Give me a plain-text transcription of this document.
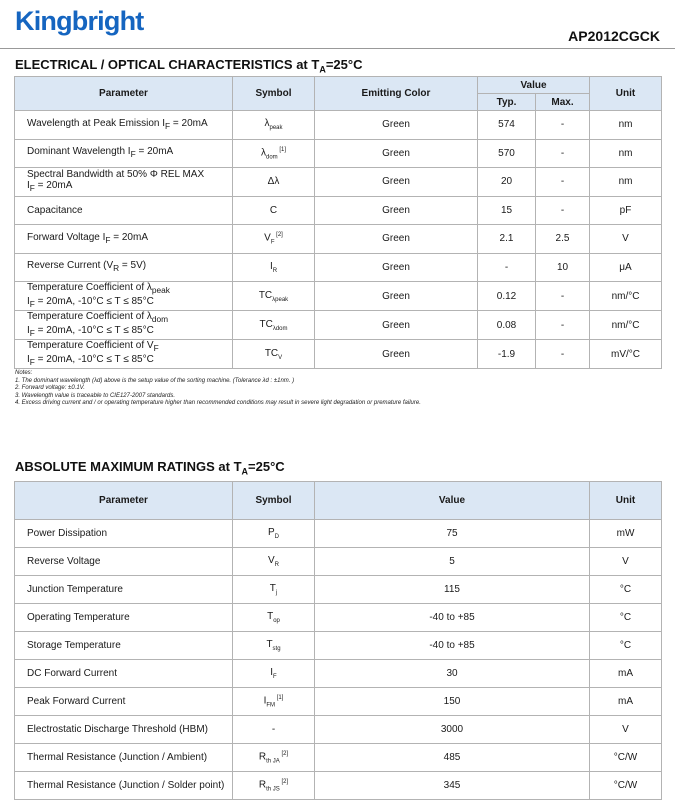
Kingbright	AP2012CGCK
ELECTRICAL / OPTICAL CHARACTERISTICS at $T_A=25^\circ C$
Parameter	Symbol	Emitting Color	Value		Unit
			Typ.	Max.	
Wavelength at Peak Emission $I_F = 20mA$	$\lambda_{peak}$	Green	574	-	nm
Dominant Wavelength $I_F = 20mA$	$\lambda_{dom}$ [1]	Green	570	-	nm
Spectral Bandwidth at 50% Φ REL MAX
$I_F = 20mA$	Δλ	Green	20	-	nm
Capacitance	C	Green	15	-	pF
Forward Voltage $I_F = 20mA$	$V_F$ [2]	Green	2.1	2.5	V
Reverse Current $(V_R = 5V)$	$I_R$	Green	-	10	μA
Temperature Coefficient of $\lambda_{peak}$
$I_F = 20mA$, -10°C ≤ T ≤ 85°C	$TC_{\lambda peak}$	Green	0.12	-	nm/°C
Temperature Coefficient of $\lambda_{dom}$
$I_F = 20mA$, -10°C ≤ T ≤ 85°C	$TC_{\lambda dom}$	Green	0.08	-	nm/°C
Temperature Coefficient of $V_F$
$I_F = 20mA$, -10°C ≤ T ≤ 85°C	$TC_V$	Green	-1.9	-	mV/°C
Notes:
1. The dominant wavelength (λd) above is the setup value of the sorting machine. (Tolerance λd : ±1nm. )
2. Forward voltage: ±0.1V.
3. Wavelength value is traceable to CIE127-2007 standards.
4. Excess driving current and / or operating temperature higher than recommended conditions may result in severe light degradation or premature failure.
ABSOLUTE MAXIMUM RATINGS at $T_A=25^\circ C$
Parameter	Symbol	Value	Unit
Power Dissipation	$P_D$	75	mW
Reverse Voltage	$V_R$	5	V
Junction Temperature	$T_j$	115	°C
Operating Temperature	$T_{op}$	-40 to +85	°C
Storage Temperature	$T_{stg}$	-40 to +85	°C
DC Forward Current	$I_F$	30	mA
Peak Forward Current	$I_{FM}$ [1]	150	mA
Electrostatic Discharge Threshold (HBM)	-	3000	V
Thermal Resistance (Junction / Ambient)	$R_{th JA}$ [2]	485	°C/W
Thermal Resistance (Junction / Solder point)	$R_{th JS}$ [2]	345	°C/W
